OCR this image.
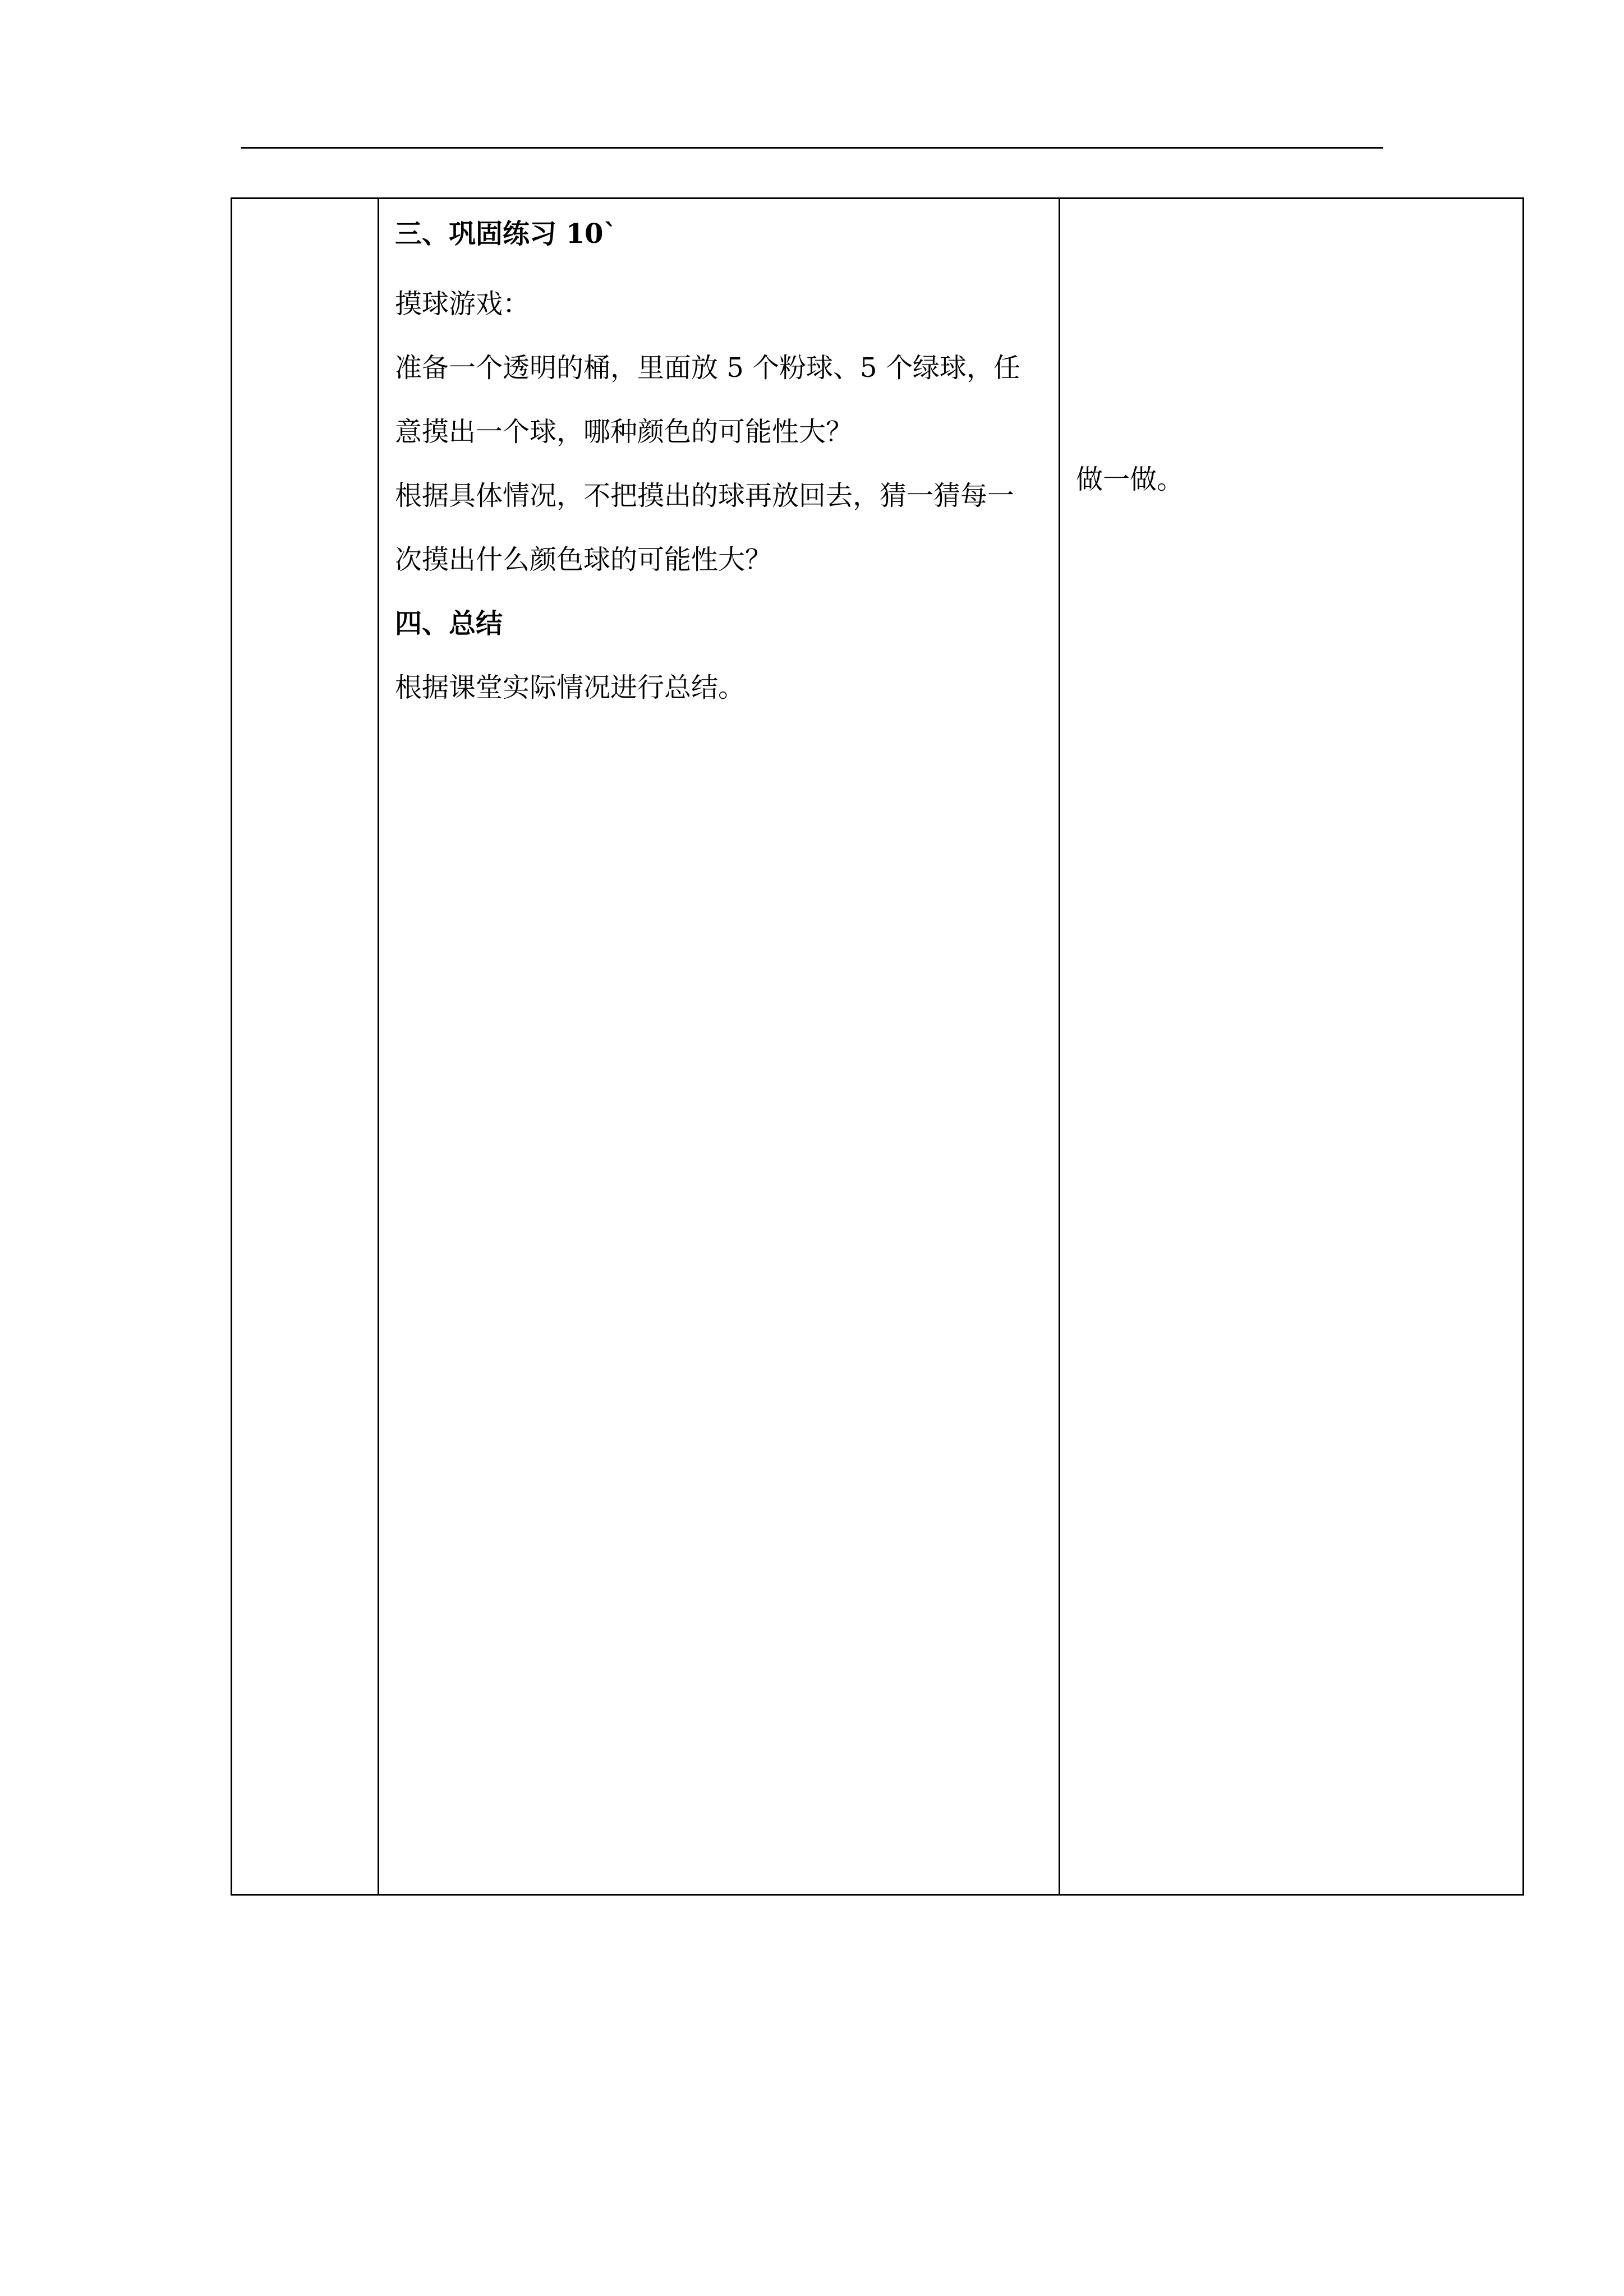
三、巩固练习 10`

摸球游戏：

准备一个透明的桶，里面放 5 个粉球、5 个绿球，任

意摸出一个球，哪种颜色的可能性大？

根据具体情况，不把摸出的球再放回去，猜一猜每一

次摸出什么颜色球的可能性大？

四、总结

根据课堂实际情况进行总结。

做一做。
